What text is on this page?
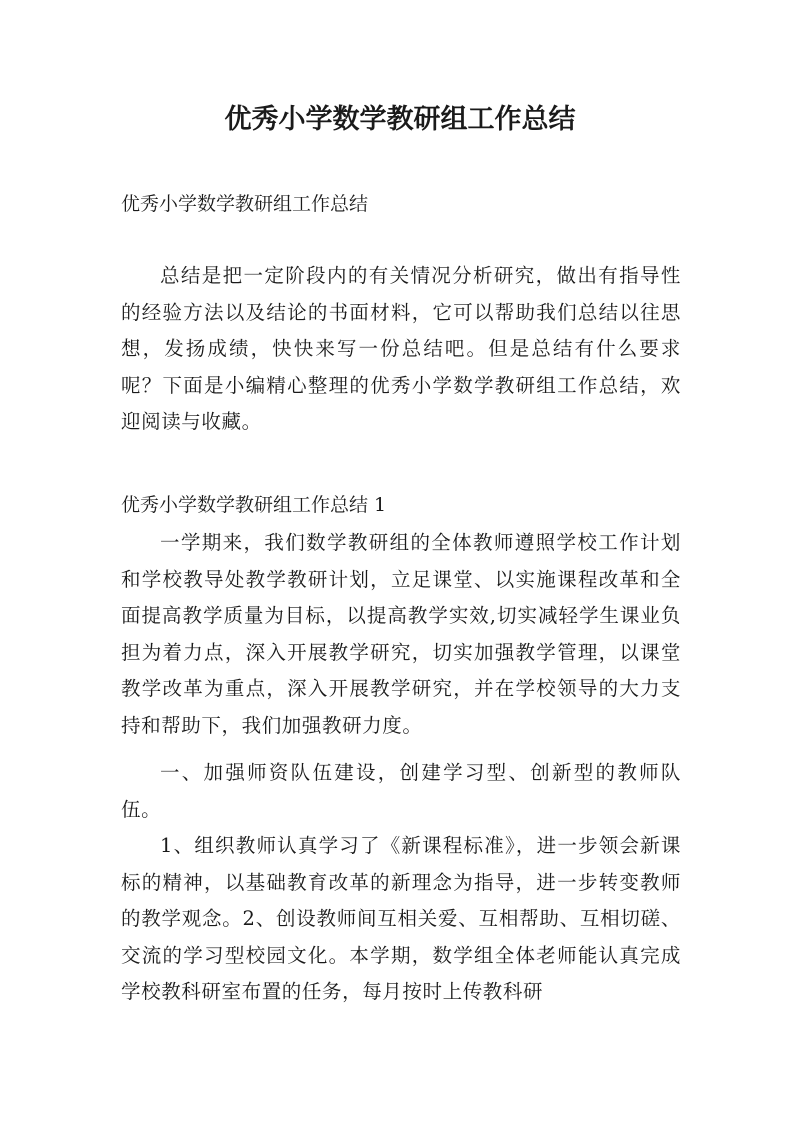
优秀小学数学教研组工作总结

优秀小学数学教研组工作总结

总结是把一定阶段内的有关情况分析研究，做出有指导性的经验方法以及结论的书面材料，它可以帮助我们总结以往思想，发扬成绩，快快来写一份总结吧。但是总结有什么要求呢？下面是小编精心整理的优秀小学数学教研组工作总结，欢迎阅读与收藏。

优秀小学数学教研组工作总结 1

一学期来，我们数学教研组的全体教师遵照学校工作计划和学校教导处教学教研计划，立足课堂、以实施课程改革和全面提高教学质量为目标，以提高教学实效,切实减轻学生课业负担为着力点，深入开展教学研究，切实加强教学管理，以课堂教学改革为重点，深入开展教学研究，并在学校领导的大力支持和帮助下，我们加强教研力度。

一、加强师资队伍建设，创建学习型、创新型的教师队伍。

1、组织教师认真学习了《新课程标准》，进一步领会新课标的精神，以基础教育改革的新理念为指导，进一步转变教师的教学观念。2、创设教师间互相关爱、互相帮助、互相切磋、交流的学习型校园文化。本学期，数学组全体老师能认真完成学校教科研室布置的任务，每月按时上传教科研
